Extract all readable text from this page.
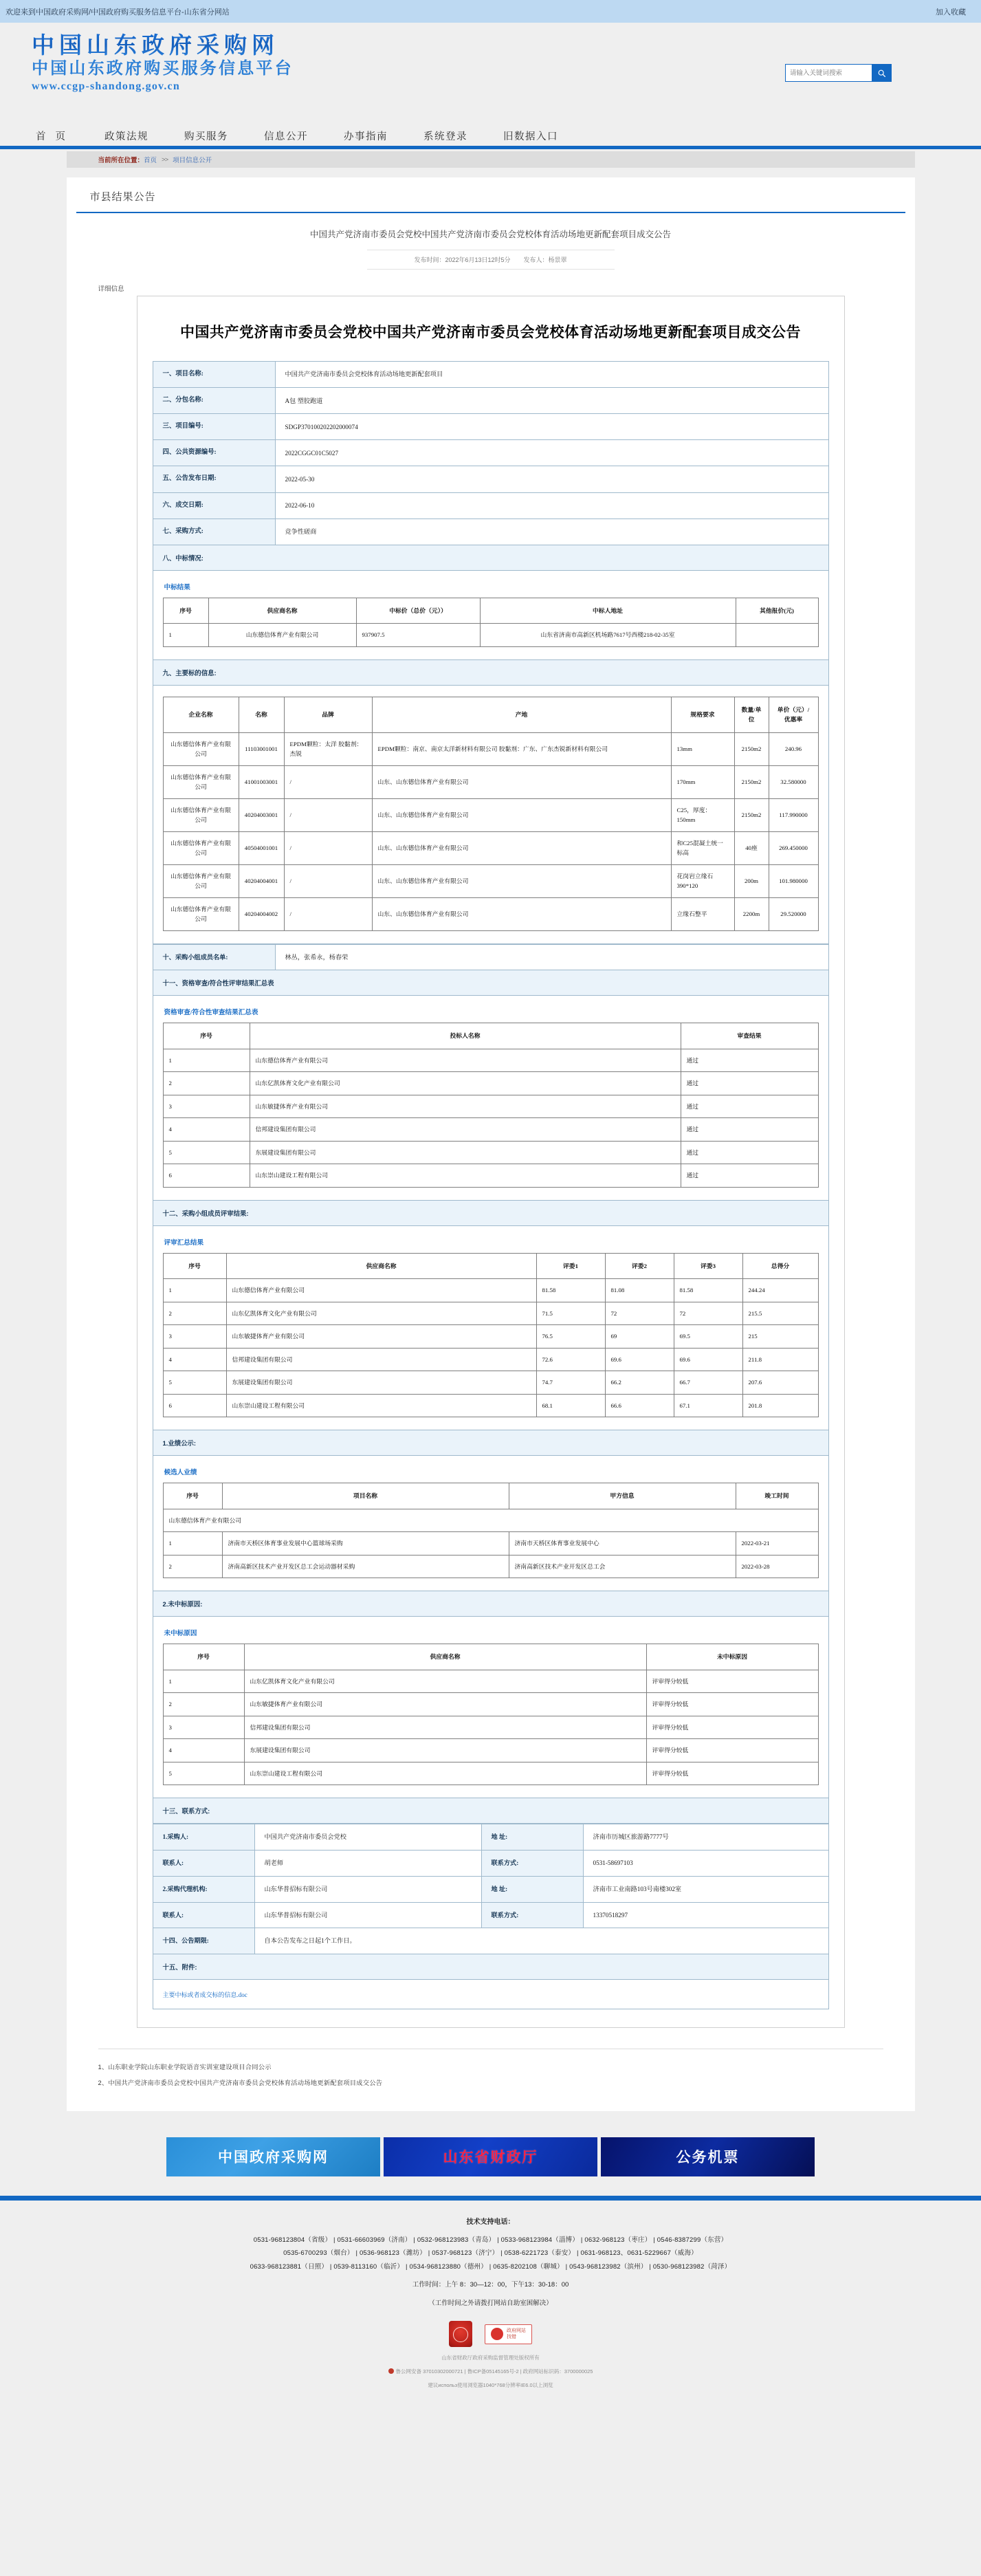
欢迎来到中国政府采购网/中国政府购买服务信息平台-山东省分网站	加入收藏
中国山东政府采购网
中国山东政府购买服务信息平台
www.ccgp-shandong.gov.cn
请输入关键词搜索
首 页	政策法规	购买服务	信息公开	办事指南	系统登录	旧数据入口
当前所在位置： 首页 >> 项目信息公开
市县结果公告
中国共产党济南市委员会党校中国共产党济南市委员会党校体育活动场地更新配套项目成交公告
发布时间：2022年6月13日12时5分 发布人：杨景翠
详细信息
中国共产党济南市委员会党校中国共产党济南市委员会党校体育活动场地更新配套项目成交公告
一、项目名称:	中国共产党济南市委员会党校体育活动场地更新配套项目
二、分包名称:	A包 塑胶跑道
三、项目编号:	SDGP370100202202000074
四、公共资源编号:	2022CGGC01C5027
五、公告发布日期:	2022-05-30
六、成交日期:	2022-06-10
七、采购方式:	竞争性磋商
八、中标情况:
中标结果
序号	供应商名称	中标价（总价（元））	中标人地址	其他报价(元)
1	山东德信体育产业有限公司	937907.5	山东省济南市高新区机场路7617号西楼218-02-35室	
九、主要标的信息:
企业名称	名称	品牌	产地	规格要求	数量/单位	单价（元）/优惠率
山东德信体育产业有限公司	11103001001	EPDM颗粒：太洋 胶黏剂：杰锐	EPDM颗粒：南京、南京太洋新材料有限公司 胶黏剂：广东、广东杰锐新材料有限公司	13mm	2150m2	240.96
山东德信体育产业有限公司	41001003001	/	山东、山东德信体育产业有限公司	170mm	2150m2	32.580000
山东德信体育产业有限公司	40204003001	/	山东、山东德信体育产业有限公司	C25，厚度：150mm	2150m2	117.990000
山东德信体育产业有限公司	40504001001	/	山东、山东德信体育产业有限公司	和C25混凝土统一标高	40座	269.450000
山东德信体育产业有限公司	40204004001	/	山东、山东德信体育产业有限公司	花岗岩立缘石390*120	200m	101.980000
山东德信体育产业有限公司	40204004002	/	山东、山东德信体育产业有限公司	立缘石整平	2200m	29.520000
十、采购小组成员名单:	林丛，张希永，杨春荣
十一、资格审查/符合性评审结果汇总表
资格审查/符合性审查结果汇总表
序号	投标人名称	审查结果
1	山东德信体育产业有限公司	通过
2	山东亿凯体育文化产业有限公司	通过
3	山东敏捷体育产业有限公司	通过
4	信邦建设集团有限公司	通过
5	东展建设集团有限公司	通过
6	山东崇山建设工程有限公司	通过
十二、采购小组成员评审结果:
评审汇总结果
序号	供应商名称	评委1	评委2	评委3	总得分
1	山东德信体育产业有限公司	81.58	81.08	81.58	244.24
2	山东亿凯体育文化产业有限公司	71.5	72	72	215.5
3	山东敏捷体育产业有限公司	76.5	69	69.5	215
4	信邦建设集团有限公司	72.6	69.6	69.6	211.8
5	东展建设集团有限公司	74.7	66.2	66.7	207.6
6	山东崇山建设工程有限公司	68.1	66.6	67.1	201.8
1.业绩公示:
候选人业绩
序号	项目名称	甲方信息	竣工时间
山东德信体育产业有限公司			
1	济南市天桥区体育事业发展中心篮球场采购	济南市天桥区体育事业发展中心	2022-03-21
2	济南高新区技术产业开发区总工会运动器材采购	济南高新区技术产业开发区总工会	2022-03-28
2.未中标原因:
未中标原因
序号	供应商名称	未中标原因
1	山东亿凯体育文化产业有限公司	评审得分较低
2	山东敏捷体育产业有限公司	评审得分较低
3	信邦建设集团有限公司	评审得分较低
4	东展建设集团有限公司	评审得分较低
5	山东崇山建设工程有限公司	评审得分较低
十三、联系方式:
1.采购人:	中国共产党济南市委员会党校	地 址:	济南市历城区旅游路7777号
联系人:	胡老师	联系方式:	0531-58697103
2.采购代理机构:	山东华普招标有限公司	地 址:	济南市工业南路103号南楼302室
联系人:	山东华普招标有限公司	联系方式:	13370518297
十四、公告期限:	自本公告发布之日起1个工作日。		
十五、附件:
主要中标或者成交标的信息.doc
1、山东职业学院山东职业学院语音实训室建设项目合同公示
2、中国共产党济南市委员会党校中国共产党济南市委员会党校体育活动场地更新配套项目成交公告
中国政府采购网	山东省财政厅	公务机票
技术支持电话：
0531-968123804（省级） | 0531-66603969（济南） | 0532-968123983（青岛） | 0533-968123984（淄博） | 0632-968123（枣庄） | 0546-8387299（东营）
0535-6700293（烟台） | 0536-968123（潍坊） | 0537-968123（济宁） | 0538-6221723（泰安） | 0631-968123、0631-5229667（威海）
0633-968123881（日照） | 0539-8113160（临沂） | 0534-968123880（德州） | 0635-8202108（聊城） | 0543-968123982（滨州） | 0530-968123982（菏泽）
工作时间：上午 8：30—12：00，下午13：30-18：00
（工作时间之外请拨打网站自助室困解决）
政府网站
找错
山东省财政厅政府采购监督管理处版权所有
鲁公网安备 37010302000721 | 鲁ICP备05145165号-2 | 政府网站标识码：3700000025
建议использ使用浏览器1040*768分辨率IE6.0以上浏览
